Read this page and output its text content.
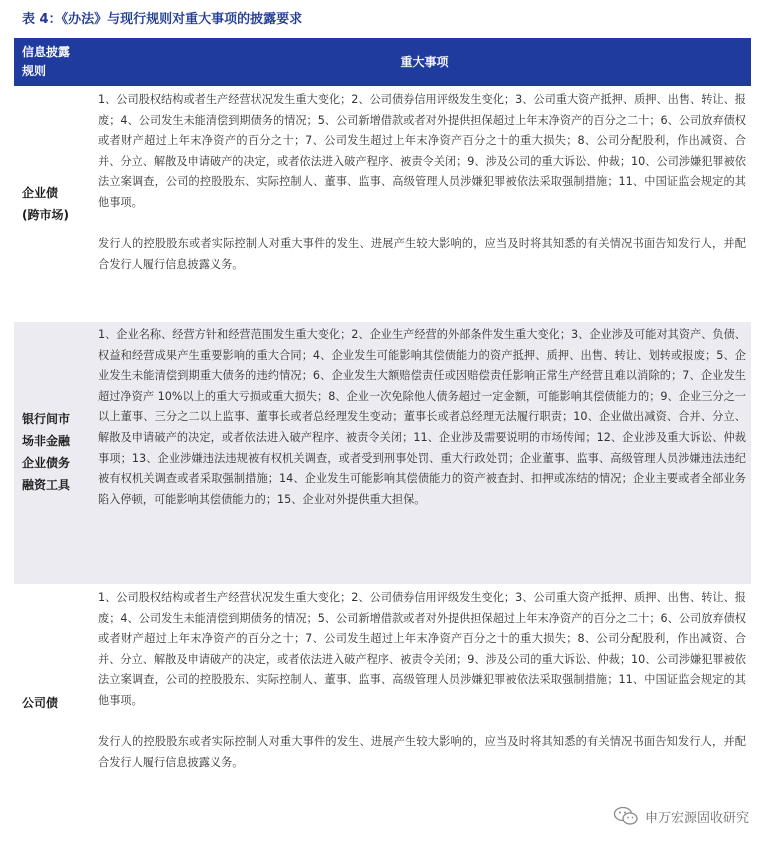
表 4：《办法》与现行规则对重大事项的披露要求
信息披露
规则
重大事项
企业债
(跨市场)

1、公司股权结构或者生产经营状况发生重大变化；2、公司债券信用评级发生变化；3、公司重大资产抵押、质押、出售、转让、报废；4、公司发生未能清偿到期债务的情况；5、公司新增借款或者对外提供担保超过上年末净资产的百分之二十；6、公司放弃债权或者财产超过上年末净资产的百分之十；7、公司发生超过上年末净资产百分之十的重大损失；8、公司分配股利，作出减资、合并、分立、解散及申请破产的决定，或者依法进入破产程序、被责令关闭；9、涉及公司的重大诉讼、仲裁；10、公司涉嫌犯罪被依法立案调查，公司的控股股东、实际控制人、董事、监事、高级管理人员涉嫌犯罪被依法采取强制措施；11、中国证监会规定的其他事项。

发行人的控股股东或者实际控制人对重大事件的发生、进展产生较大影响的，应当及时将其知悉的有关情况书面告知发行人，并配合发行人履行信息披露义务。

银行间市
场非金融
企业债务
融资工具

1、企业名称、经营方针和经营范围发生重大变化；2、企业生产经营的外部条件发生重大变化；3、企业涉及可能对其资产、负债、权益和经营成果产生重要影响的重大合同；4、企业发生可能影响其偿债能力的资产抵押、质押、出售、转让、划转或报废；5、企业发生未能清偿到期重大债务的违约情况；6、企业发生大额赔偿责任或因赔偿责任影响正常生产经营且难以消除的；7、企业发生超过净资产 10%以上的重大亏损或重大损失；8、企业一次免除他人债务超过一定金额，可能影响其偿债能力的；9、企业三分之一以上董事、三分之二以上监事、董事长或者总经理发生变动；董事长或者总经理无法履行职责；10、企业做出减资、合并、分立、解散及申请破产的决定，或者依法进入破产程序、被责令关闭；11、企业涉及需要说明的市场传闻；12、企业涉及重大诉讼、仲裁事项；13、企业涉嫌违法违规被有权机关调查，或者受到刑事处罚、重大行政处罚；企业董事、监事、高级管理人员涉嫌违法违纪被有权机关调查或者采取强制措施；14、企业发生可能影响其偿债能力的资产被查封、扣押或冻结的情况；企业主要或者全部业务陷入停顿，可能影响其偿债能力的；15、企业对外提供重大担保。

公司债

1、公司股权结构或者生产经营状况发生重大变化；2、公司债券信用评级发生变化；3、公司重大资产抵押、质押、出售、转让、报废；4、公司发生未能清偿到期债务的情况；5、公司新增借款或者对外提供担保超过上年末净资产的百分之二十；6、公司放弃债权或者财产超过上年末净资产的百分之十；7、公司发生超过上年末净资产百分之十的重大损失；8、公司分配股利，作出减资、合并、分立、解散及申请破产的决定，或者依法进入破产程序、被责令关闭；9、涉及公司的重大诉讼、仲裁；10、公司涉嫌犯罪被依法立案调查，公司的控股股东、实际控制人、董事、监事、高级管理人员涉嫌犯罪被依法采取强制措施；11、中国证监会规定的其他事项。

发行人的控股股东或者实际控制人对重大事件的发生、进展产生较大影响的，应当及时将其知悉的有关情况书面告知发行人，并配合发行人履行信息披露义务。

申万宏源固收研究
